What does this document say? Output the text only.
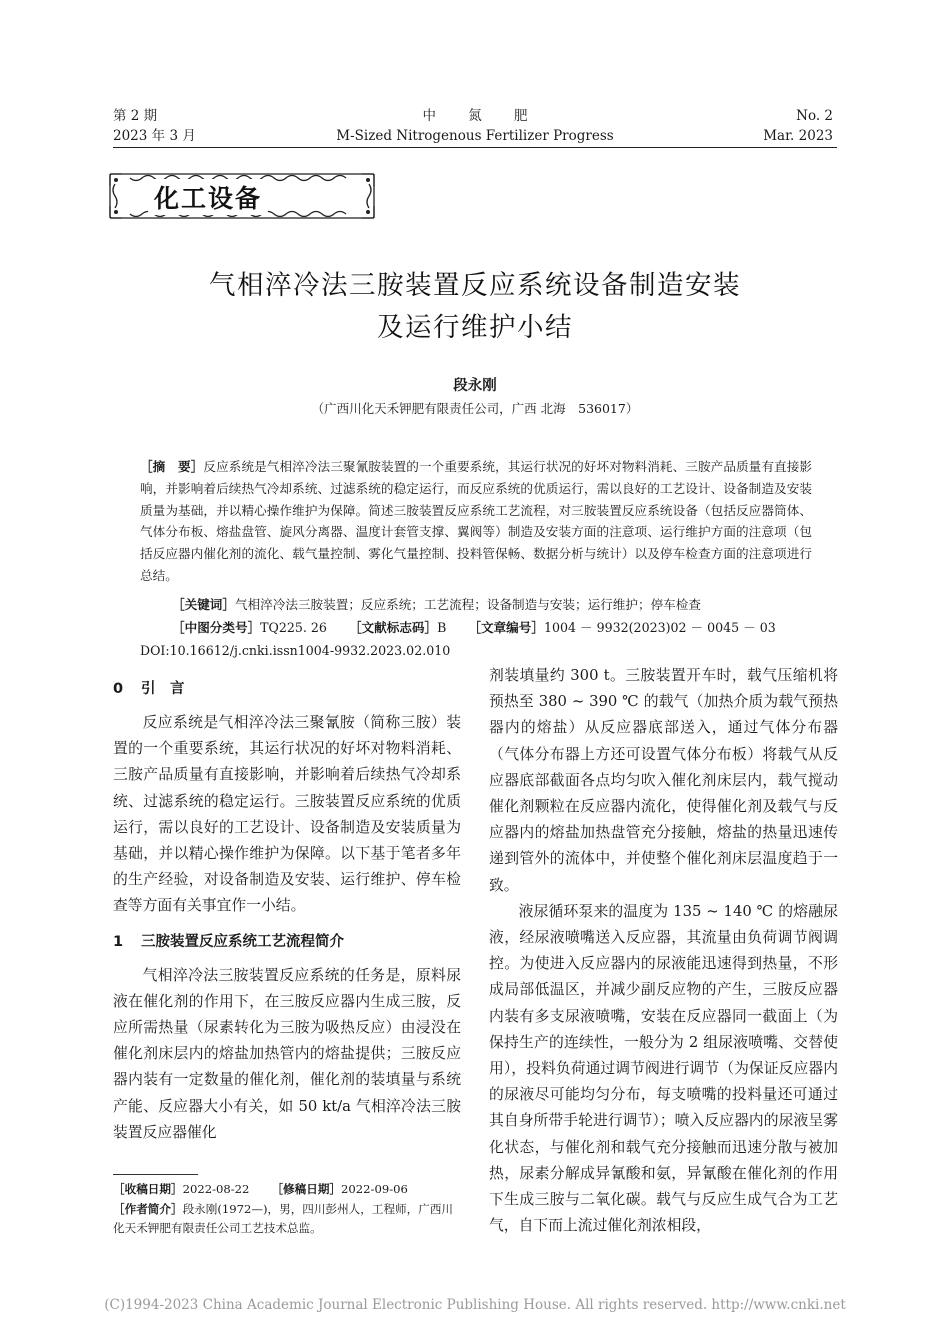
第 2 期
2023 年 3 月
中 氮 肥
M-Sized Nitrogenous Fertilizer Progress
No. 2
Mar. 2023
化工设备
气相淬冷法三胺装置反应系统设备制造安装
及运行维护小结
段永刚
（广西川化天禾钾肥有限责任公司，广西 北海　536017）
［摘　要］反应系统是气相淬冷法三聚氰胺装置的一个重要系统，其运行状况的好坏对物料消耗、三胺产品质量有直接影响，并影响着后续热气冷却系统、过滤系统的稳定运行，而反应系统的优质运行，需以良好的工艺设计、设备制造及安装质量为基础，并以精心操作维护为保障。简述三胺装置反应系统工艺流程，对三胺装置反应系统设备（包括反应器筒体、气体分布板、熔盐盘管、旋风分离器、温度计套管支撑、翼阀等）制造及安装方面的注意项、运行维护方面的注意项（包括反应器内催化剂的流化、载气量控制、雾化气量控制、投料管保畅、数据分析与统计）以及停车检查方面的注意项进行总结。
［关键词］气相淬冷法三胺装置；反应系统；工艺流程；设备制造与安装；运行维护；停车检查
［中图分类号］TQ225. 26 ［文献标志码］B ［文章编号］1004 － 9932(2023)02 － 0045 － 03
DOI:10.16612/j.cnki.issn1004-9932.2023.02.010
0 引　言

反应系统是气相淬冷法三聚氰胺（简称三胺）装置的一个重要系统，其运行状况的好坏对物料消耗、三胺产品质量有直接影响，并影响着后续热气冷却系统、过滤系统的稳定运行。三胺装置反应系统的优质运行，需以良好的工艺设计、设备制造及安装质量为基础，并以精心操作维护为保障。以下基于笔者多年的生产经验，对设备制造及安装、运行维护、停车检查等方面有关事宜作一小结。

1 三胺装置反应系统工艺流程简介

气相淬冷法三胺装置反应系统的任务是，原料尿液在催化剂的作用下，在三胺反应器内生成三胺，反应所需热量（尿素转化为三胺为吸热反应）由浸没在催化剂床层内的熔盐加热管内的熔盐提供；三胺反应器内装有一定数量的催化剂，催化剂的装填量与系统产能、反应器大小有关，如 50 kt/a 气相淬冷法三胺装置反应器催化

剂装填量约 300 t。三胺装置开车时，载气压缩机将预热至 380 ~ 390 ℃ 的载气（加热介质为载气预热器内的熔盐）从反应器底部送入，通过气体分布器（气体分布器上方还可设置气体分布板）将载气从反应器底部截面各点均匀吹入催化剂床层内，载气搅动催化剂颗粒在反应器内流化，使得催化剂及载气与反应器内的熔盐加热盘管充分接触，熔盐的热量迅速传递到管外的流体中，并使整个催化剂床层温度趋于一致。

液尿循环泵来的温度为 135 ~ 140 ℃ 的熔融尿液，经尿液喷嘴送入反应器，其流量由负荷调节阀调控。为使进入反应器内的尿液能迅速得到热量，不形成局部低温区，并减少副反应物的产生，三胺反应器内装有多支尿液喷嘴，安装在反应器同一截面上（为保持生产的连续性，一般分为 2 组尿液喷嘴、交替使用），投料负荷通过调节阀进行调节（为保证反应器内的尿液尽可能均匀分布，每支喷嘴的投料量还可通过其自身所带手轮进行调节）；喷入反应器内的尿液呈雾化状态，与催化剂和载气充分接触而迅速分散与被加热，尿素分解成异氰酸和氨，异氰酸在催化剂的作用下生成三胺与二氧化碳。载气与反应生成气合为工艺气，自下而上流过催化剂浓相段，

［收稿日期］2022-08-22 ［修稿日期］2022-09-06
［作者简介］段永刚(1972—)，男，四川彭州人，工程师，广西川化天禾钾肥有限责任公司工艺技术总监。
(C)1994-2023 China Academic Journal Electronic Publishing House. All rights reserved. http://www.cnki.net
